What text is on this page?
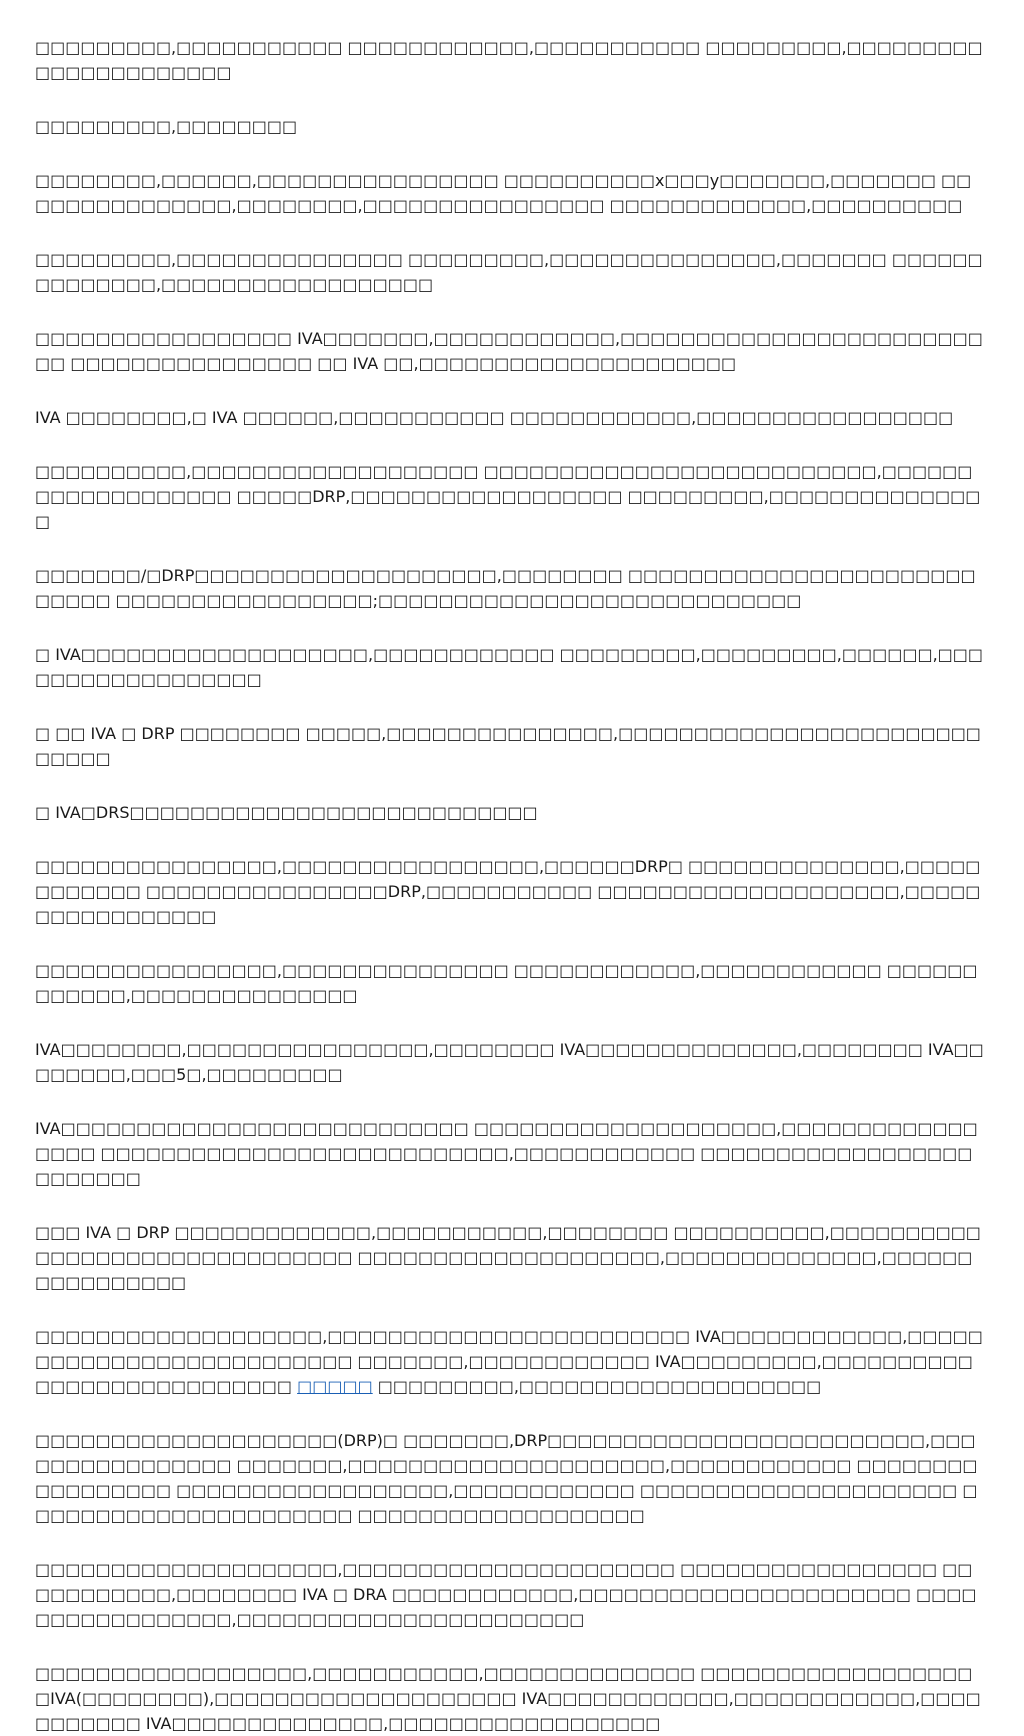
□□□□□□□□□,□□□□□□□□□□□ □□□□□□□□□□□□,□□□□□□□□□□□ □□□□□□□□□,□□□□□□□□□□□□□□□□□□□□□□

□□□□□□□□□,□□□□□□□□

□□□□□□□□,□□□□□□,□□□□□□□□□□□□□□□□ □□□□□□□□□□x□□□y□□□□□□□,□□□□□□□ □□□□□□□□□□□□□□□,□□□□□□□□,□□□□□□□□□□□□□□□□ □□□□□□□□□□□□□,□□□□□□□□□□

□□□□□□□□□,□□□□□□□□□□□□□□□ □□□□□□□□□,□□□□□□□□□□□□□□□,□□□□□□□ □□□□□□□□□□□□□□,□□□□□□□□□□□□□□□□□□

□□□□□□□□□□□□□□□□□ IVA□□□□□□□,□□□□□□□□□□□□,□□□□□□□□□□□□□□□□□□□□□□□□□□ □□□□□□□□□□□□□□□□ □□ IVA □□,□□□□□□□□□□□□□□□□□□□□□

IVA □□□□□□□□,□ IVA □□□□□□,□□□□□□□□□□□ □□□□□□□□□□□□,□□□□□□□□□□□□□□□□□

□□□□□□□□□□,□□□□□□□□□□□□□□□□□□□ □□□□□□□□□□□□□□□□□□□□□□□□□□,□□□□□□□□□□□□□□□□□□□ □□□□□DRP,□□□□□□□□□□□□□□□□□□ □□□□□□□□□,□□□□□□□□□□□□□□□

□□□□□□□/□DRP□□□□□□□□□□□□□□□□□□□□,□□□□□□□□ □□□□□□□□□□□□□□□□□□□□□□□□□□□□ □□□□□□□□□□□□□□□□□;□□□□□□□□□□□□□□□□□□□□□□□□□□□□

□ IVA□□□□□□□□□□□□□□□□□□□,□□□□□□□□□□□□ □□□□□□□□□,□□□□□□□□□,□□□□□□,□□□□□□□□□□□□□□□□□□

□ □□ IVA □ DRP □□□□□□□□ □□□□□,□□□□□□□□□□□□□□□,□□□□□□□□□□□□□□□□□□□□□□□□□□□□□

□ IVA□DRS□□□□□□□□□□□□□□□□□□□□□□□□□□□

□□□□□□□□□□□□□□□□,□□□□□□□□□□□□□□□□□,□□□□□□DRP□ □□□□□□□□□□□□□□,□□□□□□□□□□□□ □□□□□□□□□□□□□□□□DRP,□□□□□□□□□□□ □□□□□□□□□□□□□□□□□□□□,□□□□□□□□□□□□□□□□□

□□□□□□□□□□□□□□□□,□□□□□□□□□□□□□□□ □□□□□□□□□□□□,□□□□□□□□□□□□ □□□□□□□□□□□□,□□□□□□□□□□□□□□□

IVA□□□□□□□□,□□□□□□□□□□□□□□□□,□□□□□□□□ IVA□□□□□□□□□□□□□□,□□□□□□□□ IVA□□□□□□□□,□□□5□,□□□□□□□□□

IVA□□□□□□□□□□□□□□□□□□□□□□□□□□□ □□□□□□□□□□□□□□□□□□□□,□□□□□□□□□□□□□□□□□ □□□□□□□□□□□□□□□□□□□□□□□□□□□,□□□□□□□□□□□□ □□□□□□□□□□□□□□□□□□□□□□□□□

□□□ IVA □ DRP □□□□□□□□□□□□□,□□□□□□□□□□□,□□□□□□□□ □□□□□□□□□□,□□□□□□□□□□□□□□□□□□□□□□□□□□□□□□□ □□□□□□□□□□□□□□□□□□□□,□□□□□□□□□□□□□□,□□□□□□□□□□□□□□□□

□□□□□□□□□□□□□□□□□□□,□□□□□□□□□□□□□□□□□□□□□□□□ IVA□□□□□□□□□□□□,□□□□□□□□□□□□□□□□□□□□□□□□□□ □□□□□□□,□□□□□□□□□□□□ IVA□□□□□□□□□,□□□□□□□□□□□□□□□□□□□□□□□□□□□ □□□□□ □□□□□□□□□,□□□□□□□□□□□□□□□□□□□□

□□□□□□□□□□□□□□□□□□□□(DRP)□ □□□□□□□,DRP□□□□□□□□□□□□□□□□□□□□□□□□□,□□□□□□□□□□□□□□□□ □□□□□□□,□□□□□□□□□□□□□□□□□□□□□,□□□□□□□□□□□□ □□□□□□□□□□□□□□□□□ □□□□□□□□□□□□□□□□□□,□□□□□□□□□□□□ □□□□□□□□□□□□□□□□□□□□□ □□□□□□□□□□□□□□□□□□□□□□ □□□□□□□□□□□□□□□□□□□

□□□□□□□□□□□□□□□□□□□□,□□□□□□□□□□□□□□□□□□□□□□ □□□□□□□□□□□□□□□□□ □□□□□□□□□□□,□□□□□□□□ IVA □ DRA □□□□□□□□□□□□,□□□□□□□□□□□□□□□□□□□□□□ □□□□□□□□□□□□□□□□□,□□□□□□□□□□□□□□□□□□□□□□□

□□□□□□□□□□□□□□□□□□,□□□□□□□□□□□,□□□□□□□□□□□□□□ □□□□□□□□□□□□□□□□□□□IVA(□□□□□□□□),□□□□□□□□□□□□□□□□□□□□ IVA□□□□□□□□□□□□,□□□□□□□□□□□□,□□□□□□□□□□□ IVA□□□□□□□□□□□□□□,□□□□□□□□□□□□□□□□□□
